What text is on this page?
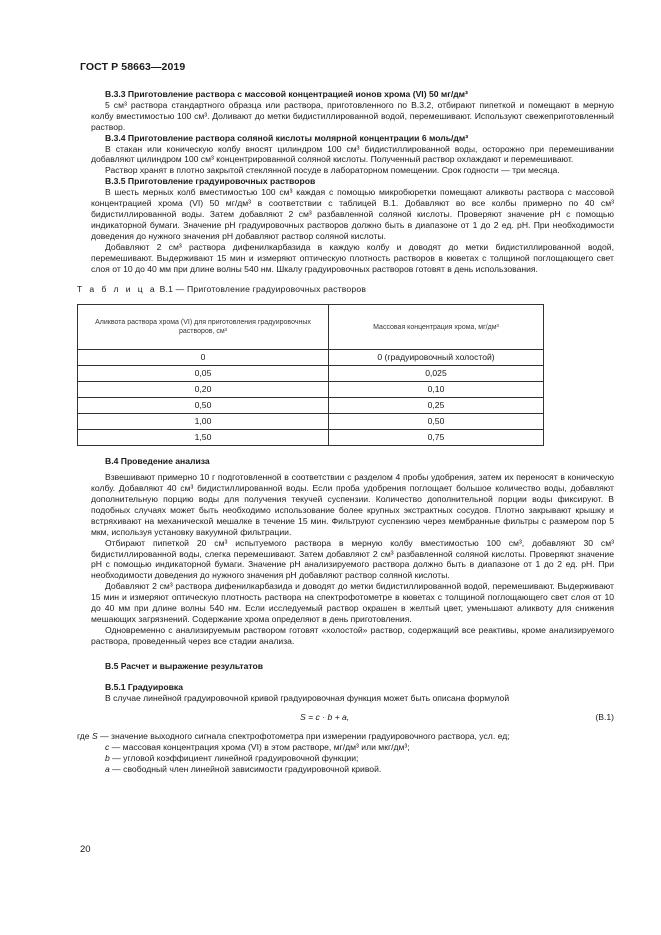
ГОСТ Р 58663—2019
В.3.3 Приготовление раствора с массовой концентрацией ионов хрома (VI) 50 мг/дм³

5 см³ раствора стандартного образца или раствора, приготовленного по В.3.2, отбирают пипеткой и помещают в мерную колбу вместимостью 100 см³. Доливают до метки бидистиллированной водой, перемешивают. Используют свежеприготовленный раствор.

В.3.4 Приготовление раствора соляной кислоты молярной концентрации 6 моль/дм³

В стакан или коническую колбу вносят цилиндром 100 см³ бидистиллированной воды, осторожно при перемешивании добавляют цилиндром 100 см³ концентрированной соляной кислоты. Полученный раствор охлаждают и перемешивают.

Раствор хранят в плотно закрытой стеклянной посуде в лабораторном помещении. Срок годности — три месяца.

В.3.5 Приготовление градуировочных растворов

В шесть мерных колб вместимостью 100 см³ каждая с помощью микробюретки помещают аликвоты раствора с массовой концентрацией хрома (VI) 50 мг/дм³ в соответствии с таблицей В.1. Добавляют во все колбы примерно по 40 см³ бидистиллированной воды. Затем добавляют 2 см³ разбавленной соляной кислоты. Проверяют значение pH с помощью индикаторной бумаги. Значение pH градуировочных растворов должно быть в диапазоне от 1 до 2 ед. pH. При необходимости доведения до нужного значения pH добавляют раствор соляной кислоты.

Добавляют 2 см³ раствора дифенилкарбазида в каждую колбу и доводят до метки бидистиллированной водой, перемешивают. Выдерживают 15 мин и измеряют оптическую плотность растворов в кюветах с толщиной поглощающего свет слоя от 10 до 40 мм при длине волны 540 нм. Шкалу градуировочных растворов готовят в день использования.

Т а б л и ц а В.1 — Приготовление градуировочных растворов
Аликвота раствора хрома (VI) для приготовления градуировочных растворов, см³	Массовая концентрация хрома, мг/дм³
0	0 (градуировочный холостой)
0,05	0,025
0,20	0,10
0,50	0,25
1,00	0,50
1,50	0,75
В.4 Проведение анализа

Взвешивают примерно 10 г подготовленной в соответствии с разделом 4 пробы удобрения, затем их переносят в коническую колбу. Добавляют 40 см³ бидистиллированной воды. Если проба удобрения поглощает большое количество воды, добавляют дополнительную порцию воды для получения текучей суспензии. Количество дополнительной порции воды фиксируют. В подобных случаях может быть необходимо использование более крупных экстрактных сосудов. Плотно закрывают крышку и встряхивают на механической мешалке в течение 15 мин. Фильтруют суспензию через мембранные фильтры с размером пор 5 мкм, используя установку вакуумной фильтрации.

Отбирают пипеткой 20 см³ испытуемого раствора в мерную колбу вместимостью 100 см³, добавляют 30 см³ бидистиллированной воды, слегка перемешивают. Затем добавляют 2 см³ разбавленной соляной кислоты. Проверяют значение pH с помощью индикаторной бумаги. Значение pH анализируемого раствора должно быть в диапазоне от 1 до 2 ед. pH. При необходимости доведения до нужного значения pH добавляют раствор соляной кислоты.

Добавляют 2 см³ раствора дифенилкарбазида и доводят до метки бидистиллированной водой, перемешивают. Выдерживают 15 мин и измеряют оптическую плотность раствора на спектрофотометре в кюветах с толщиной поглощающего свет слоя от 10 до 40 мм при длине волны 540 нм. Если исследуемый раствор окрашен в желтый цвет, уменьшают аликвоту для снижения мешающих загрязнений. Содержание хрома определяют в день приготовления.

Одновременно с анализируемым раствором готовят «холостой» раствор, содержащий все реактивы, кроме анализируемого раствора, проведенный через все стадии анализа.

В.5 Расчет и выражение результатов
В.5.1 Градуировка

В случае линейной градуировочной кривой градуировочная функция может быть описана формулой

S = c · b + a,	(В.1)

где S — значение выходного сигнала спектрофотометра при измерении градуировочного раствора, усл. ед;

c — массовая концентрация хрома (VI) в этом растворе, мг/дм³ или мкг/дм³;

b — угловой коэффициент линейной градуировочной функции;

a — свободный член линейной зависимости градуировочной кривой.

20
